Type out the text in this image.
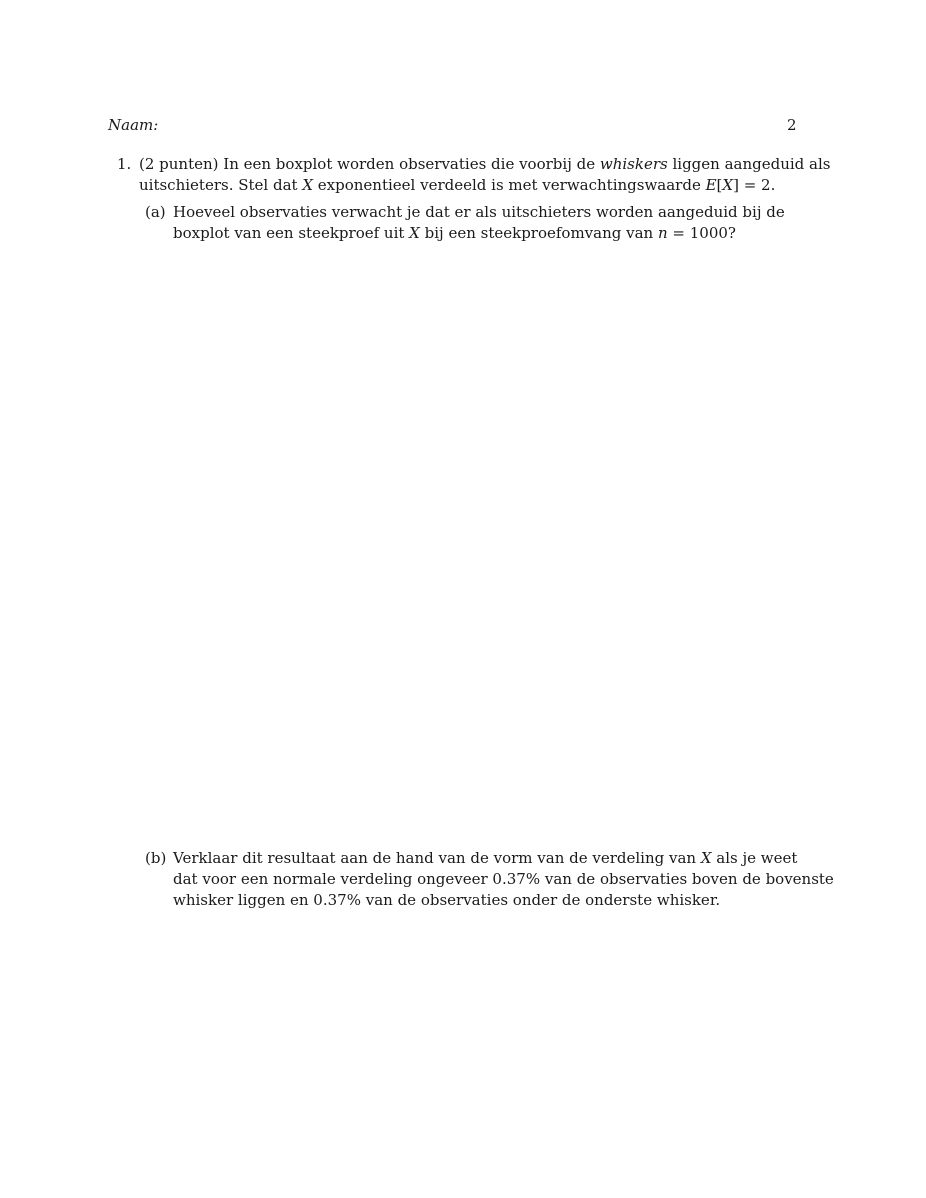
Naam:	2
1. (2 punten) In een boxplot worden observaties die voorbij de whiskers liggen aangeduid als
uitschieters. Stel dat X exponentieel verdeeld is met verwachtingswaarde E[X] = 2.
(a) Hoeveel observaties verwacht je dat er als uitschieters worden aangeduid bij de
boxplot van een steekproef uit X bij een steekproefomvang van n = 1000?
(b) Verklaar dit resultaat aan de hand van de vorm van de verdeling van X als je weet
dat voor een normale verdeling ongeveer 0.37% van de observaties boven de bovenste
whisker liggen en 0.37% van de observaties onder de onderste whisker.
